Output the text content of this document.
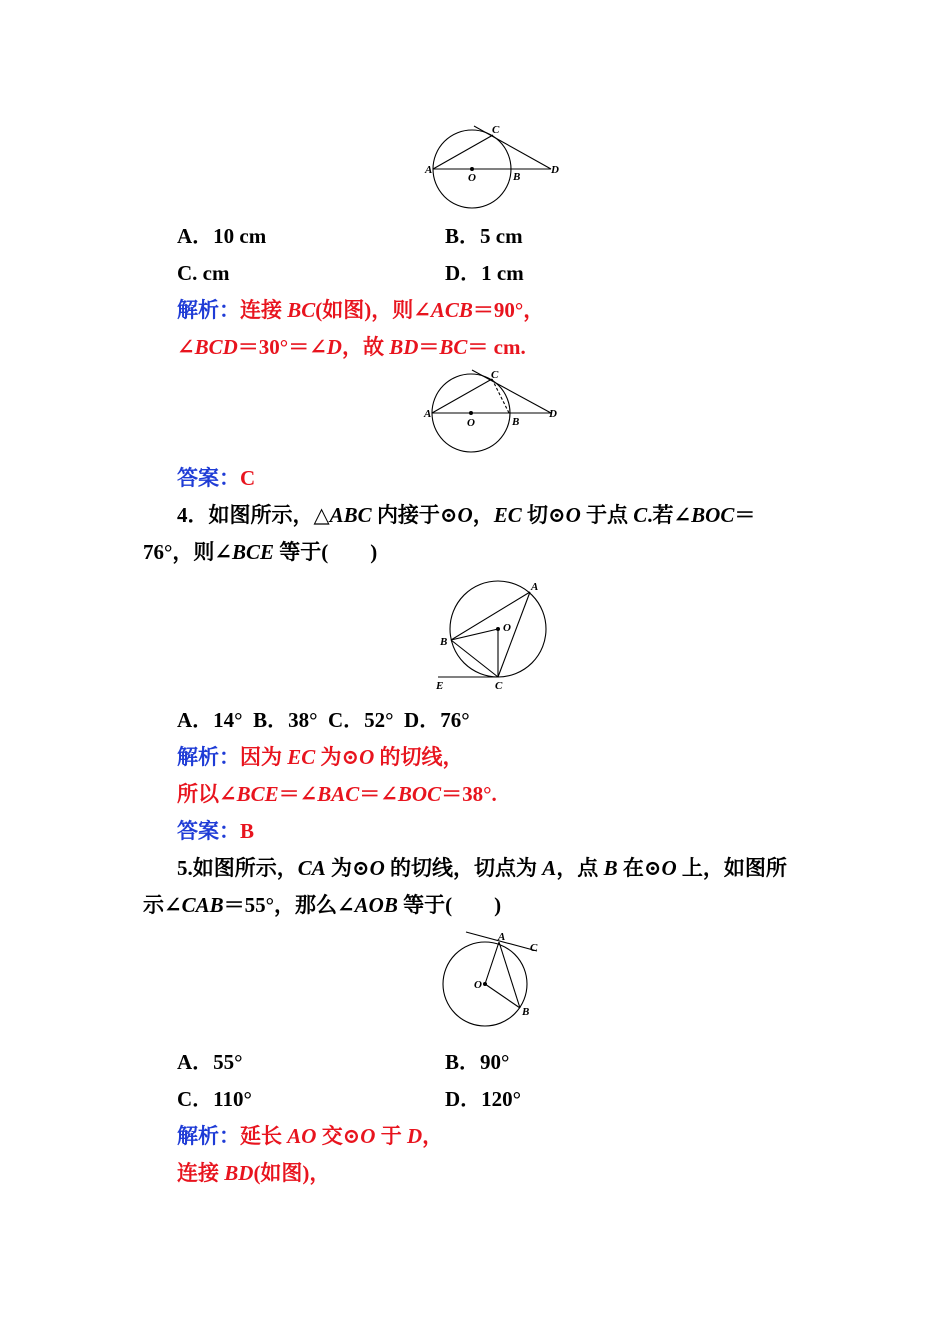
A
O	B
D
C
A．10 cm	B．5 cm
C. cm	D．1 cm
解析：连接 BC(如图)，则∠ACB＝90°，
∠BCD＝30°＝∠D，故 BD＝BC＝ cm.
A
O	B
D
C
答案：C
4．如图所示，△ABC 内接于⊙O，EC 切⊙O 于点 C.若∠BOC＝
76°，则∠BCE 等于(　　)
A
O
B
E	C
A．14°  B．38°  C．52°  D．76°
解析：因为 EC 为⊙O 的切线，
所以∠BCE＝∠BAC＝∠BOC＝38°.
答案：B
5.如图所示，CA 为⊙O 的切线，切点为 A，点 B 在⊙O 上，如图所
示∠CAB＝55°，那么∠AOB 等于(　　)
A
C
O
B
A．55°	B．90°
C．110°	D．120°
解析：延长 AO 交⊙O 于 D，
连接 BD(如图)，
